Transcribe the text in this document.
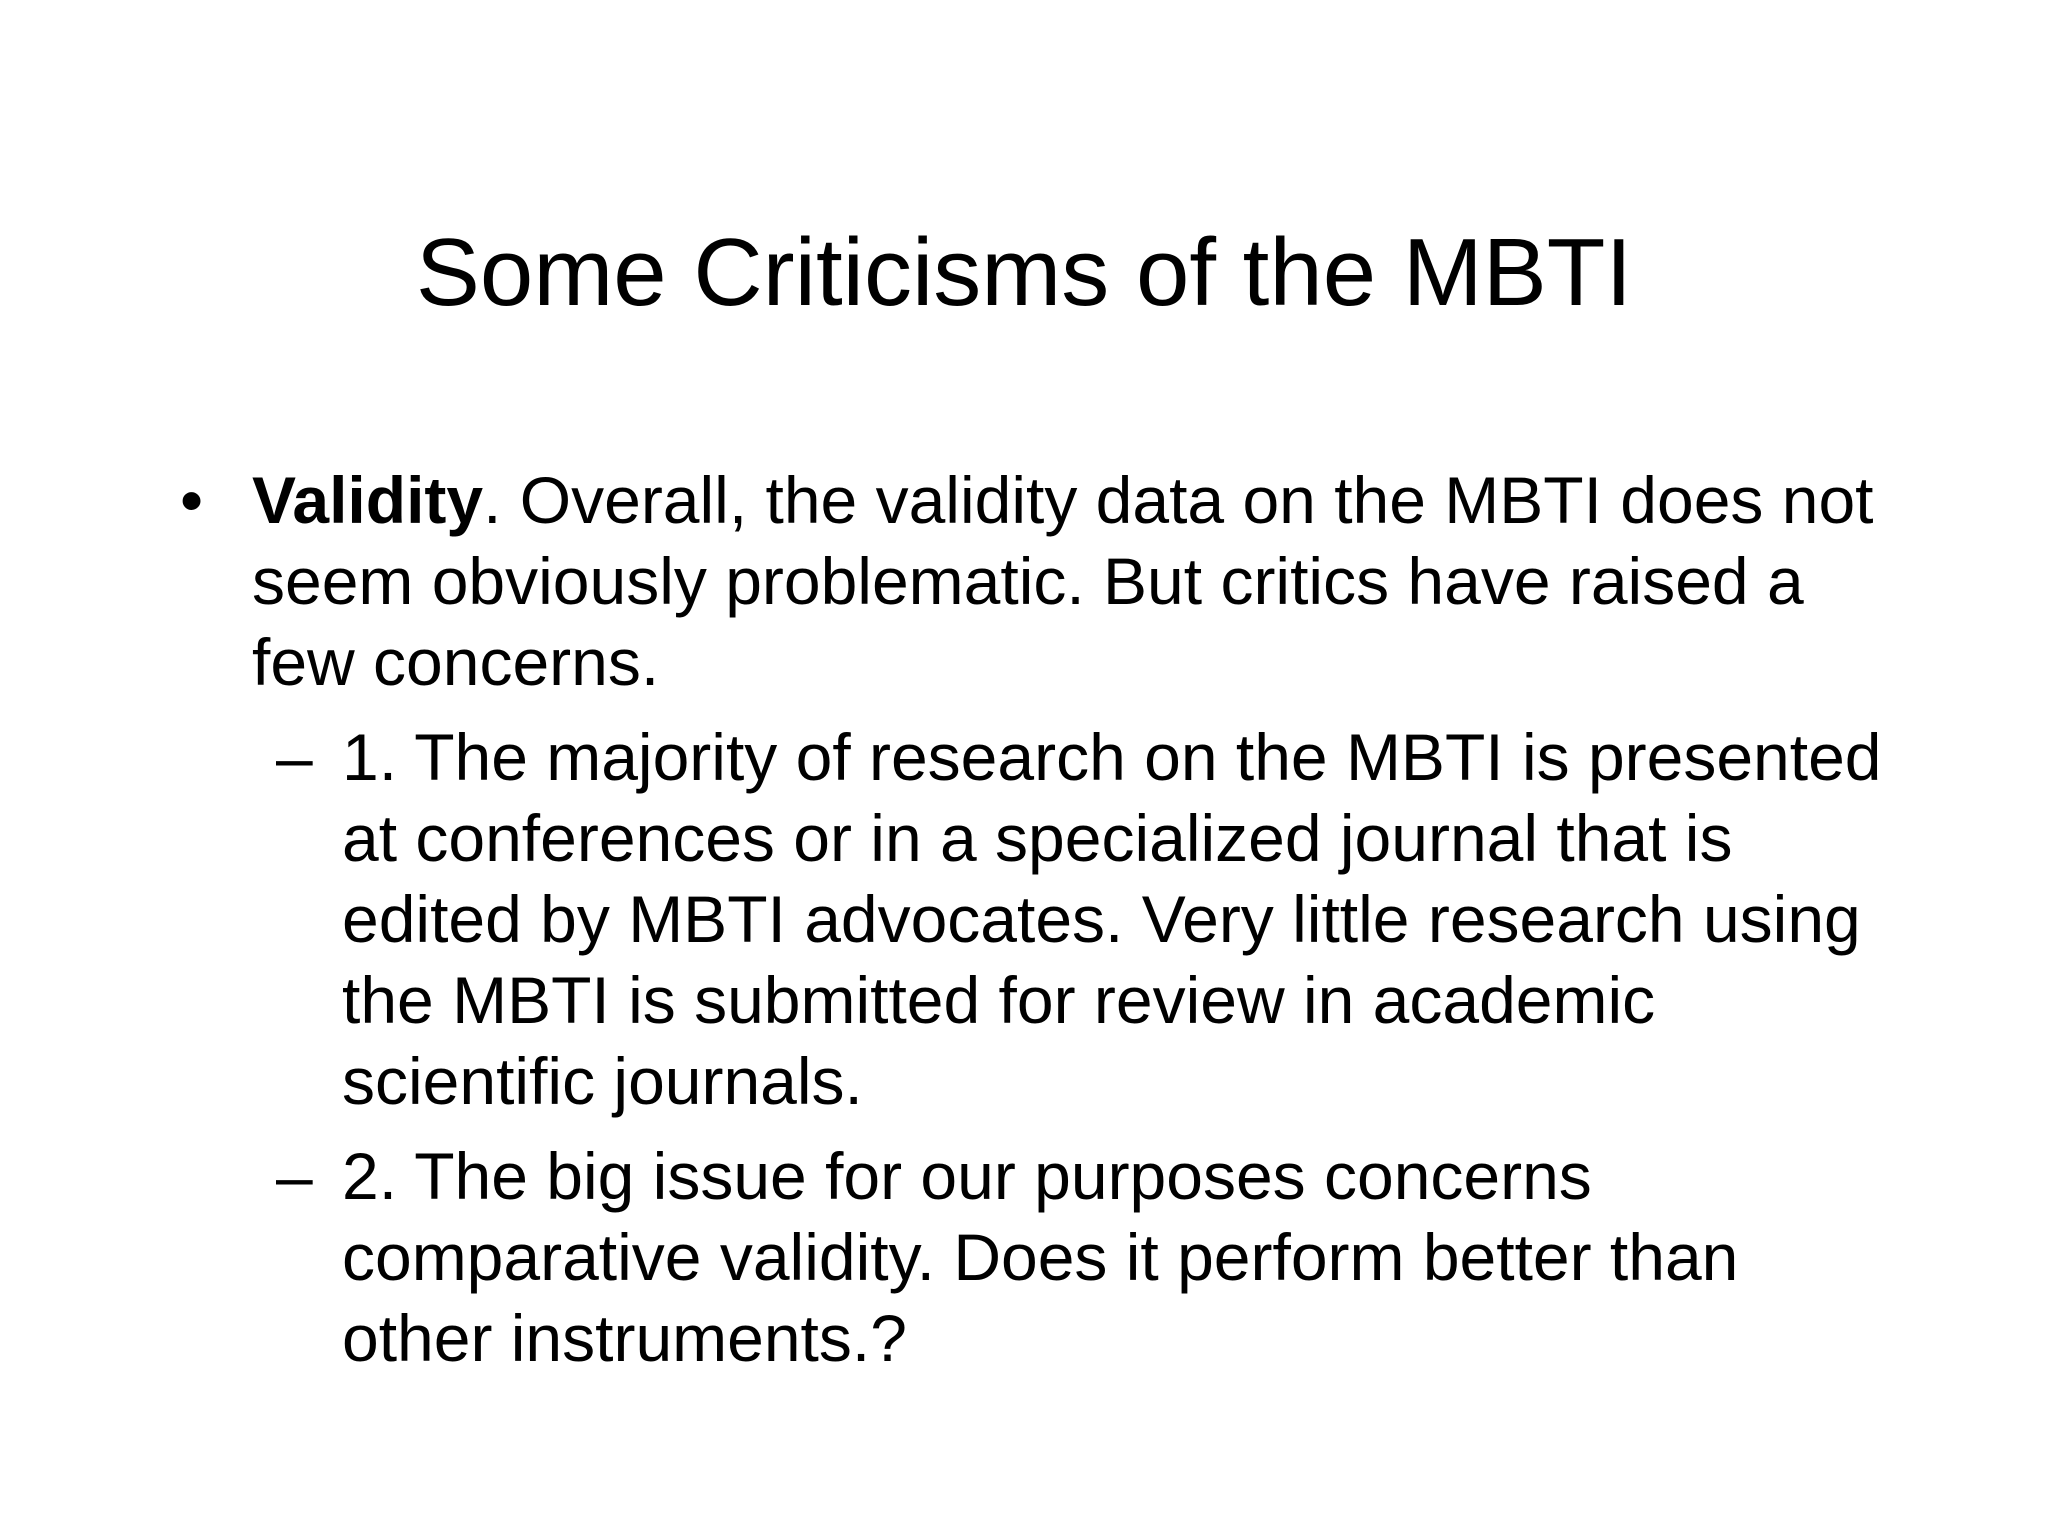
Some Criticisms of the MBTI
• Validity. Overall, the validity data on the MBTI does not seem obviously problematic. But critics have raised a few concerns.
– 1. The majority of research on the MBTI is presented at conferences or in a specialized journal that is edited by MBTI advocates. Very little research using the MBTI is submitted for review in academic scientific journals.
– 2. The big issue for our purposes concerns comparative validity. Does it perform better than other instruments.?
